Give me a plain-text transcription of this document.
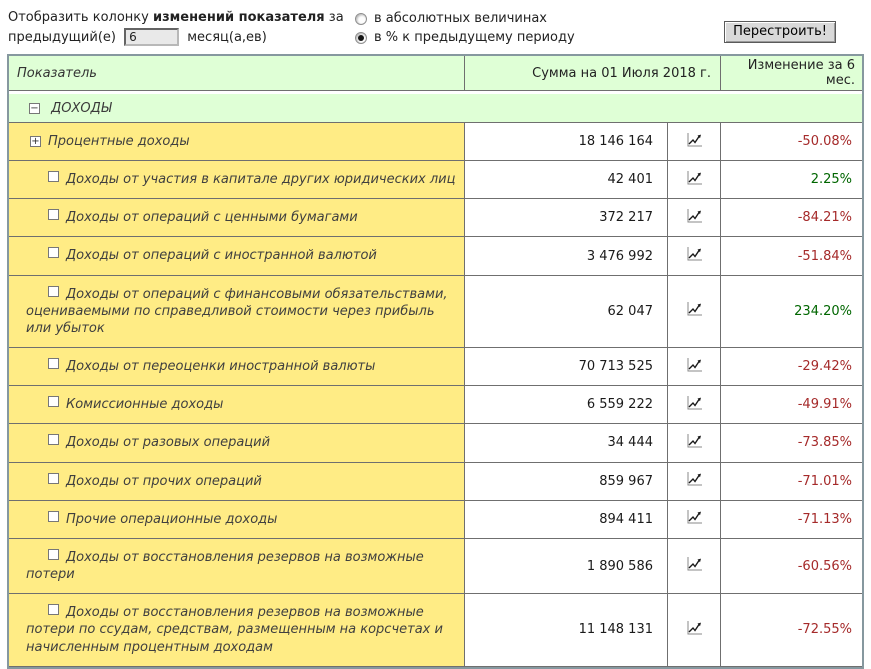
Отобразить колонку изменений показателя за
предыдущий(е) 6	месяц(а,ев)
в абсолютных величинах
в % к предыдущему периоду	Перестроить!
Показатель	Сумма на 01 Июля 2018 г.		Изменение за 6 мес.

− ДОХОДЫ			

+ Процентные доходы	18 146 164		-50.08%

Доходы от участия в капитале других юридических лиц	42 401		2.25%

Доходы от операций с ценными бумагами	372 217		-84.21%

Доходы от операций с иностранной валютой	3 476 992		-51.84%

Доходы от операций с финансовыми обязательствами, оцениваемыми по справедливой стоимости через прибыль или убыток	62 047		234.20%

Доходы от переоценки иностранной валюты	70 713 525		-29.42%

Комиссионные доходы	6 559 222		-49.91%

Доходы от разовых операций	34 444		-73.85%

Доходы от прочих операций	859 967		-71.01%

Прочие операционные доходы	894 411		-71.13%

Доходы от восстановления резервов на возможные потери	1 890 586		-60.56%

Доходы от восстановления резервов на возможные потери по ссудам, средствам, размещенным на корсчетах и начисленным процентным доходам	11 148 131		-72.55%
